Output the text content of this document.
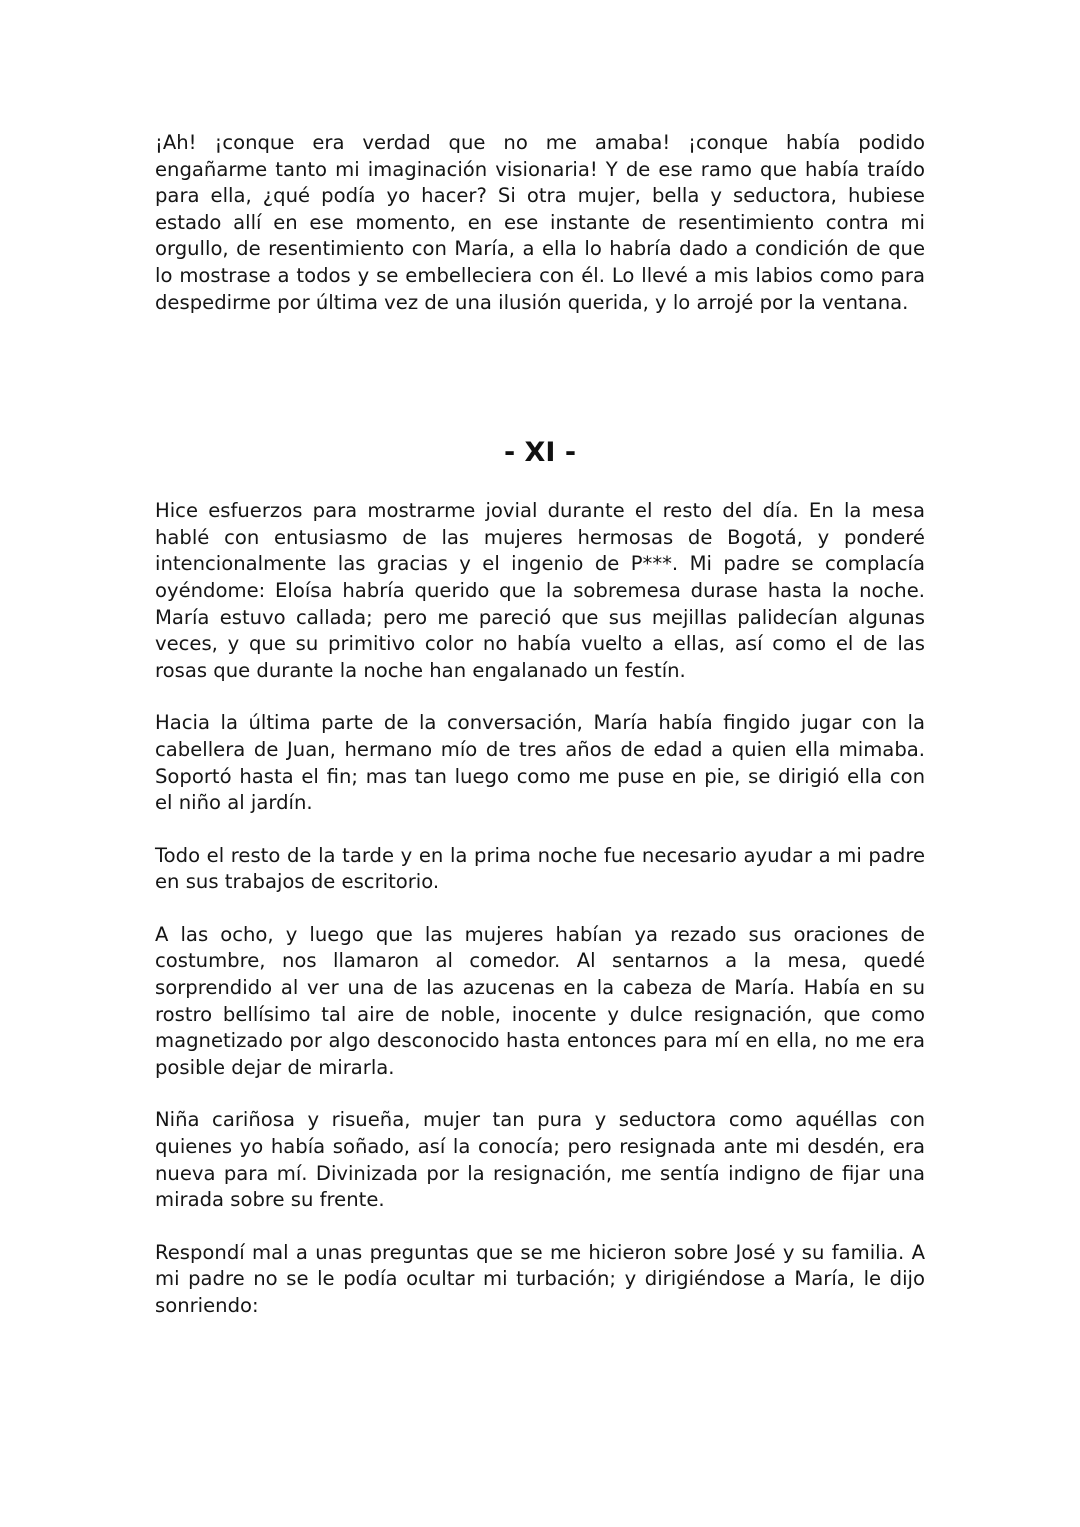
¡Ah! ¡conque era verdad que no me amaba! ¡conque había podido engañarme tanto mi imaginación visionaria! Y de ese ramo que había traído para ella, ¿qué podía yo hacer? Si otra mujer, bella y seductora, hubiese estado allí en ese momento, en ese instante de resentimiento contra mi orgullo, de resentimiento con María, a ella lo habría dado a condición de que lo mostrase a todos y se embelleciera con él. Lo llevé a mis labios como para despedirme por última vez de una ilusión querida, y lo arrojé por la ventana.

- XI -

Hice esfuerzos para mostrarme jovial durante el resto del día. En la mesa hablé con entusiasmo de las mujeres hermosas de Bogotá, y ponderé intencionalmente las gracias y el ingenio de P***. Mi padre se complacía oyéndome: Eloísa habría querido que la sobremesa durase hasta la noche. María estuvo callada; pero me pareció que sus mejillas palidecían algunas veces, y que su primitivo color no había vuelto a ellas, así como el de las rosas que durante la noche han engalanado un festín.

Hacia la última parte de la conversación, María había fingido jugar con la cabellera de Juan, hermano mío de tres años de edad a quien ella mimaba. Soportó hasta el fin; mas tan luego como me puse en pie, se dirigió ella con el niño al jardín.

Todo el resto de la tarde y en la prima noche fue necesario ayudar a mi padre en sus trabajos de escritorio.

A las ocho, y luego que las mujeres habían ya rezado sus oraciones de costumbre, nos llamaron al comedor. Al sentarnos a la mesa, quedé sorprendido al ver una de las azucenas en la cabeza de María. Había en su rostro bellísimo tal aire de noble, inocente y dulce resignación, que como magnetizado por algo desconocido hasta entonces para mí en ella, no me era posible dejar de mirarla.

Niña cariñosa y risueña, mujer tan pura y seductora como aquéllas con quienes yo había soñado, así la conocía; pero resignada ante mi desdén, era nueva para mí. Divinizada por la resignación, me sentía indigno de fijar una mirada sobre su frente.

Respondí mal a unas preguntas que se me hicieron sobre José y su familia. A mi padre no se le podía ocultar mi turbación; y dirigiéndose a María, le dijo sonriendo:
